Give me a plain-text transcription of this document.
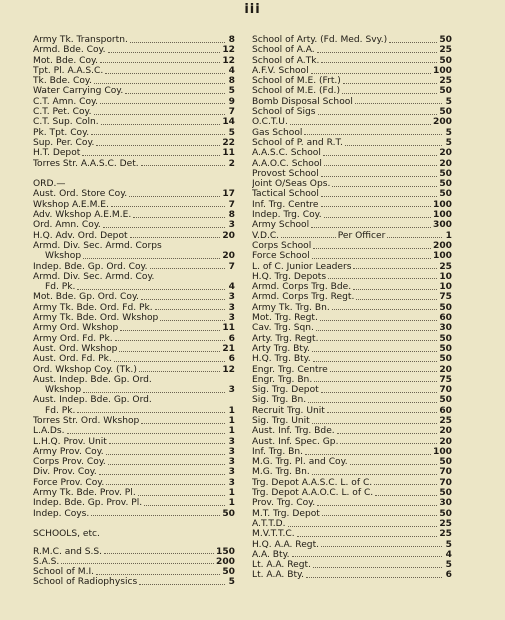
iii
Army Tk. Transportn.	8
Armd. Bde. Coy.	12
Mot. Bde. Coy.	12
Tpt. Pl. A.A.S.C.	4
Tk. Bde. Coy.	8
Water Carrying Coy.	5
C.T. Amn. Coy.	9
C.T. Pet. Coy.	7
C.T. Sup. Coln.	14
Pk. Tpt. Coy.	5
Sup. Per. Coy.	22
H.T. Depot	11
Torres Str. A.A.S.C. Det.	2
ORD.—
Aust. Ord. Store Coy.	17
Wkshop A.E.M.E.	7
Adv. Wkshop A.E.M.E.	8
Ord. Amn. Coy.	3
H.Q. Adv. Ord. Depot	20
Armd. Div. Sec. Armd. Corps
Wkshop	20
Indep. Bde. Gp. Ord. Coy.	7
Armd. Div. Sec. Armd. Coy.
Fd. Pk.	4
Mot. Bde. Gp. Ord. Coy.	3
Army Tk. Bde. Ord. Fd. Pk.	3
Army Tk. Bde. Ord. Wkshop	3
Army Ord. Wkshop	11
Army Ord. Fd. Pk.	6
Aust. Ord. Wkshop	21
Aust. Ord. Fd. Pk.	6
Ord. Wkshop Coy. (Tk.)	12
Aust. Indep. Bde. Gp. Ord.
Wkshop	3
Aust. Indep. Bde. Gp. Ord.
Fd. Pk.	1
Torres Str. Ord. Wkshop	1
L.A.Ds.	1
L.H.Q. Prov. Unit	3
Army Prov. Coy.	3
Corps Prov. Coy.	3
Div. Prov. Coy.	3
Force Prov. Coy.	3
Army Tk. Bde. Prov. Pl.	1
Indep. Bde. Gp. Prov. Pl.	1
Indep. Coys.	50
SCHOOLS, etc.
R.M.C. and S.S.	150
S.A.S.	200
School of M.I.	50
School of Radiophysics	5
School of Arty. (Fd. Med. Svy.)	50
School of A.A.	25
School of A.Tk.	50
A.F.V. School	100
School of M.E. (Frt.)	25
School of M.E. (Fd.)	50
Bomb Disposal School	5
School of Sigs	50
O.C.T.U.	200
Gas School	5
School of P. and R.T.	5
A.A.S.C. School	20
A.A.O.C. School	20
Provost School	50
Joint O/Seas Ops.	50
Tactical School	50
Inf. Trg. Centre	100
Indep. Trg. Coy.	100
Army School	300
V.D.C.	Per Officer	1
Corps School	200
Force School	100
L. of C. Junior Leaders	25
H.Q. Trg. Depots	10
Armd. Corps Trg. Bde.	10
Armd. Corps Trg. Regt.	75
Army Tk. Trg. Bn.	50
Mot. Trg. Regt.	60
Cav. Trg. Sqn.	30
Arty. Trg. Regt.	50
Arty Trg. Bty.	50
H.Q. Trg. Bty.	50
Engr. Trg. Centre	20
Engr. Trg. Bn.	75
Sig. Trg. Depot	70
Sig. Trg. Bn.	50
Recruit Trg. Unit	60
Sig. Trg. Unit	25
Aust. Inf. Trg. Bde.	20
Aust. Inf. Spec. Gp.	20
Inf. Trg. Bn.	100
M.G. Trg. Pl. and Coy.	50
M.G. Trg. Bn.	70
Trg. Depot A.A.S.C. L. of C.	70
Trg. Depot A.A.O.C. L. of C.	50
Prov. Trg. Coy.	30
M.T. Trg. Depot	50
A.T.T.D.	25
M.V.T.T.C.	25
H.Q. A.A. Regt.	5
A.A. Bty.	4
Lt. A.A. Regt.	5
Lt. A.A. Bty.	6
